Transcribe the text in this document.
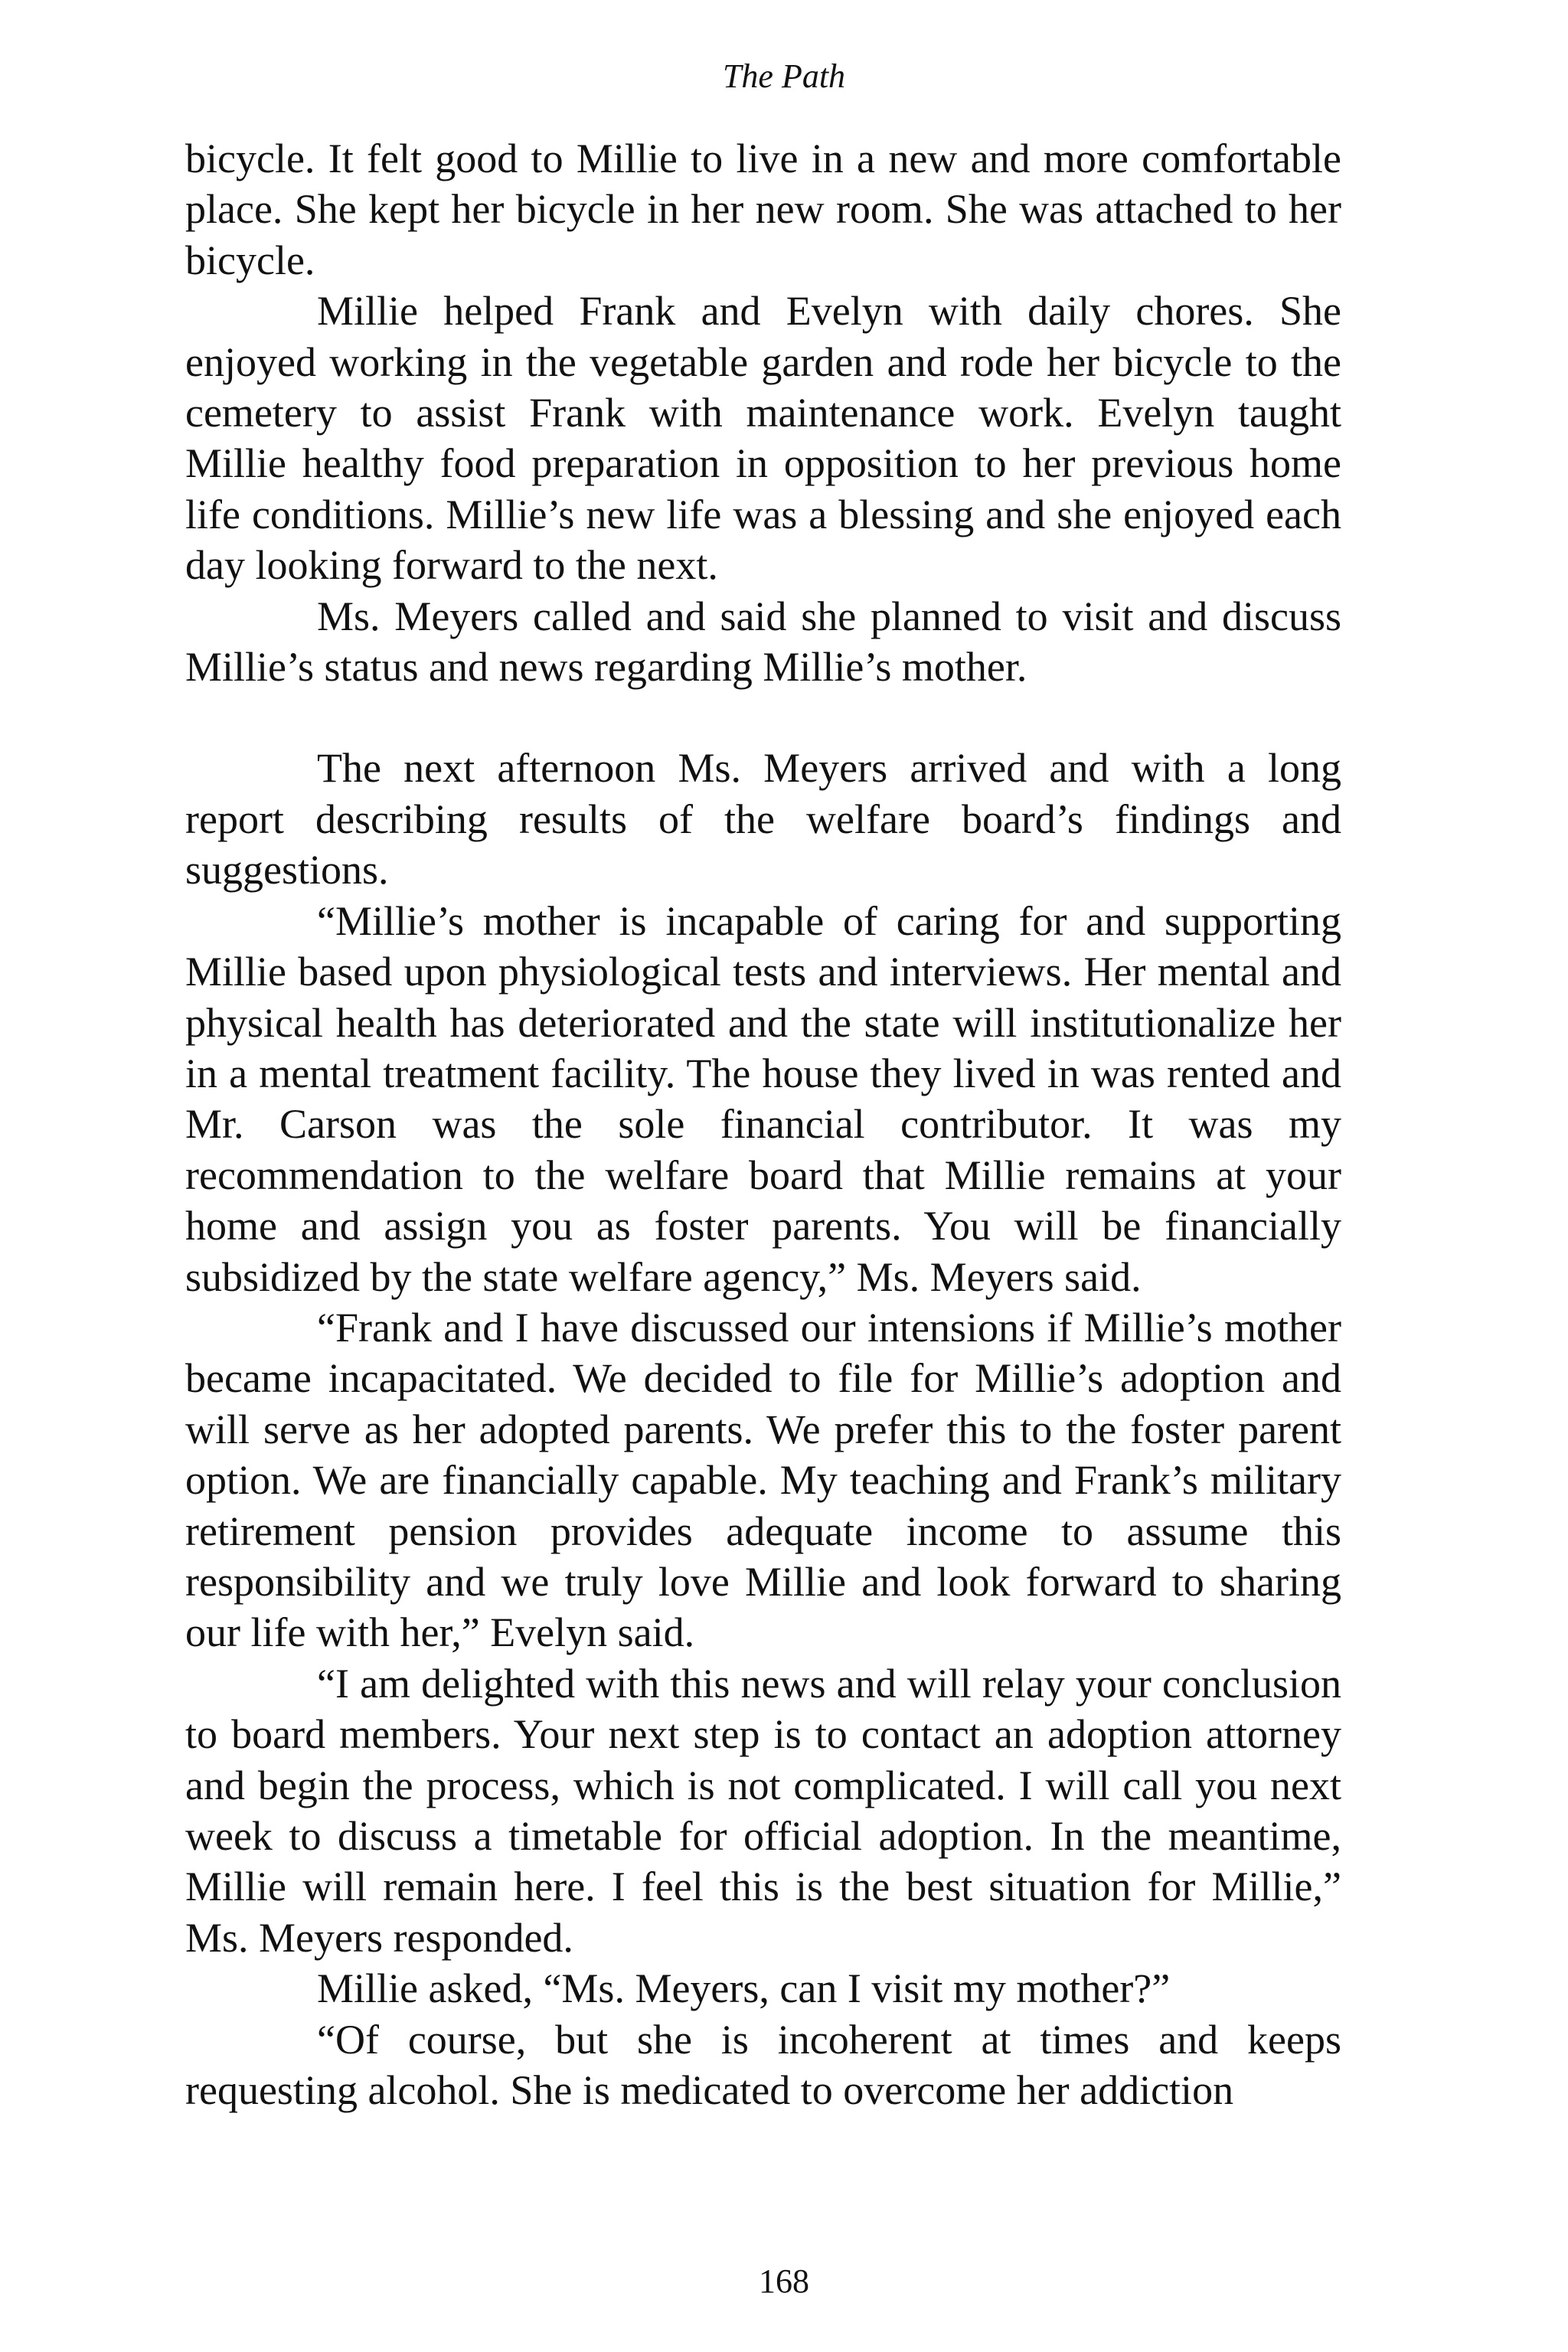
The Path

bicycle. It felt good to Millie to live in a new and more comfortable place. She kept her bicycle in her new room. She was attached to her bicycle.

Millie helped Frank and Evelyn with daily chores. She enjoyed working in the vegetable garden and rode her bicycle to the cemetery to assist Frank with maintenance work. Evelyn taught Millie healthy food preparation in opposition to her previous home life conditions. Millie’s new life was a blessing and she enjoyed each day looking forward to the next.

Ms. Meyers called and said she planned to visit and discuss Millie’s status and news regarding Millie’s mother.

The next afternoon Ms. Meyers arrived and with a long report describing results of the welfare board’s findings and suggestions.

“Millie’s mother is incapable of caring for and supporting Millie based upon physiological tests and interviews. Her mental and physical health has deteriorated and the state will institutionalize her in a mental treatment facility. The house they lived in was rented and Mr. Carson was the sole financial contributor. It was my recommendation to the welfare board that Millie remains at your home and assign you as foster parents. You will be financially subsidized by the state welfare agency,” Ms. Meyers said.

“Frank and I have discussed our intensions if Millie’s mother became incapacitated. We decided to file for Millie’s adoption and will serve as her adopted parents. We prefer this to the foster parent option. We are financially capable. My teaching and Frank’s military retirement pension provides adequate income to assume this responsibility and we truly love Millie and look forward to sharing our life with her,” Evelyn said.

“I am delighted with this news and will relay your conclusion to board members. Your next step is to contact an adoption attorney and begin the process, which is not complicated. I will call you next week to discuss a timetable for official adoption. In the meantime, Millie will remain here. I feel this is the best situation for Millie,” Ms. Meyers responded.

Millie asked, “Ms. Meyers, can I visit my mother?”

“Of course, but she is incoherent at times and keeps requesting alcohol. She is medicated to overcome her addiction

168
